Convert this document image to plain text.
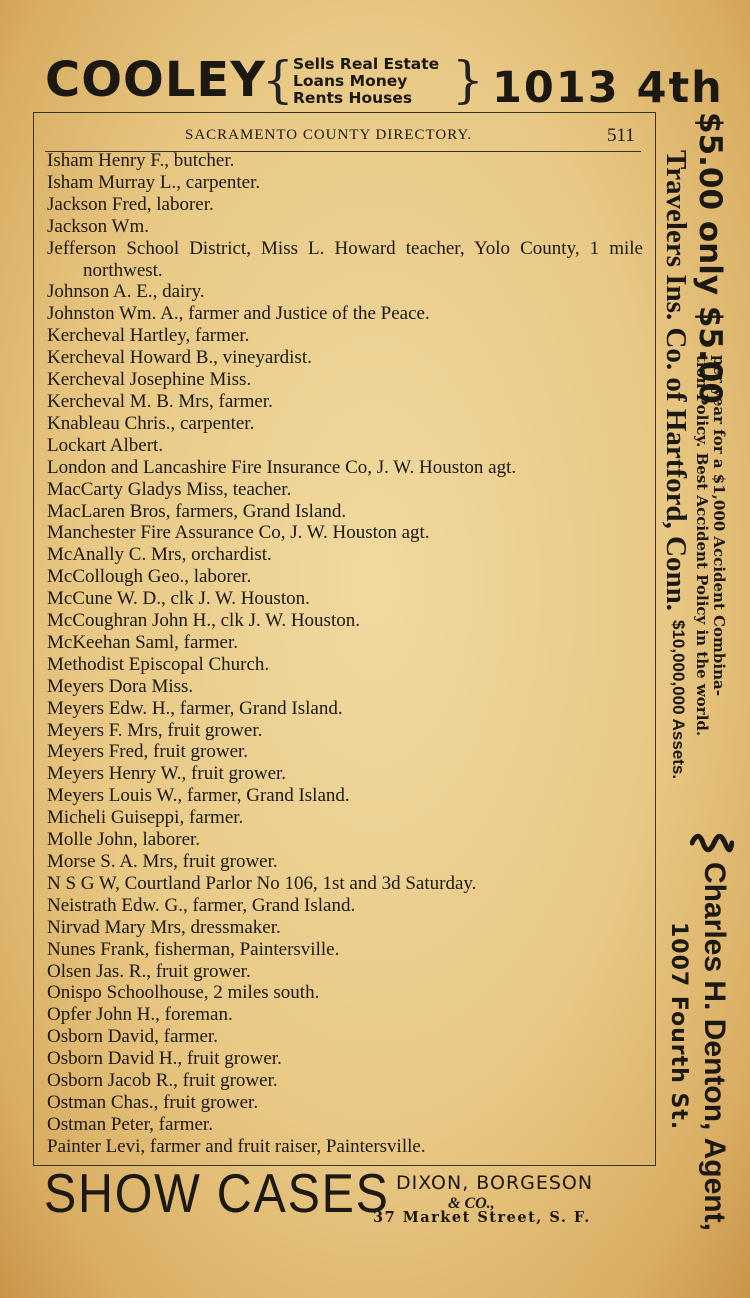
COOLEY
{ Sells Real Estate
Loans Money
Rents Houses } 1013 4th
SACRAMENTO COUNTY DIRECTORY.	511
Isham Henry F., butcher.
Isham Murray L., carpenter.
Jackson Fred, laborer.
Jackson Wm.
Jefferson School District, Miss L. Howard teacher, Yolo County, 1 mile northwest.
Johnson A. E., dairy.
Johnston Wm. A., farmer and Justice of the Peace.
Kercheval Hartley, farmer.
Kercheval Howard B., vineyardist.
Kercheval Josephine Miss.
Kercheval M. B. Mrs, farmer.
Knableau Chris., carpenter.
Lockart Albert.
London and Lancashire Fire Insurance Co, J. W. Houston agt.
MacCarty Gladys Miss, teacher.
MacLaren Bros, farmers, Grand Island.
Manchester Fire Assurance Co, J. W. Houston agt.
McAnally C. Mrs, orchardist.
McCollough Geo., laborer.
McCune W. D., clk J. W. Houston.
McCoughran John H., clk J. W. Houston.
McKeehan Saml, farmer.
Methodist Episcopal Church.
Meyers Dora Miss.
Meyers Edw. H., farmer, Grand Island.
Meyers F. Mrs, fruit grower.
Meyers Fred, fruit grower.
Meyers Henry W., fruit grower.
Meyers Louis W., farmer, Grand Island.
Micheli Guiseppi, farmer.
Molle John, laborer.
Morse S. A. Mrs, fruit grower.
N S G W, Courtland Parlor No 106, 1st and 3d Saturday.
Neistrath Edw. G., farmer, Grand Island.
Nirvad Mary Mrs, dressmaker.
Nunes Frank, fisherman, Paintersville.
Olsen Jas. R., fruit grower.
Onispo Schoolhouse, 2 miles south.
Opfer John H., foreman.
Osborn David, farmer.
Osborn David H., fruit grower.
Osborn Jacob R., fruit grower.
Ostman Chas., fruit grower.
Ostman Peter, farmer.
Painter Levi, farmer and fruit raiser, Paintersville.
SHOW CASES DIXON, BORGESON
& CO.,
37 Market Street, S. F.
$5.00 only $5.00
per year for a $1,000 Accident Combina-
tion Policy. Best Accident Policy in the world.
Travelers Ins. Co. of Hartford, Conn.
$10,000,000 Assets.
Charles H. Denton, Agent,
1007 Fourth St.
